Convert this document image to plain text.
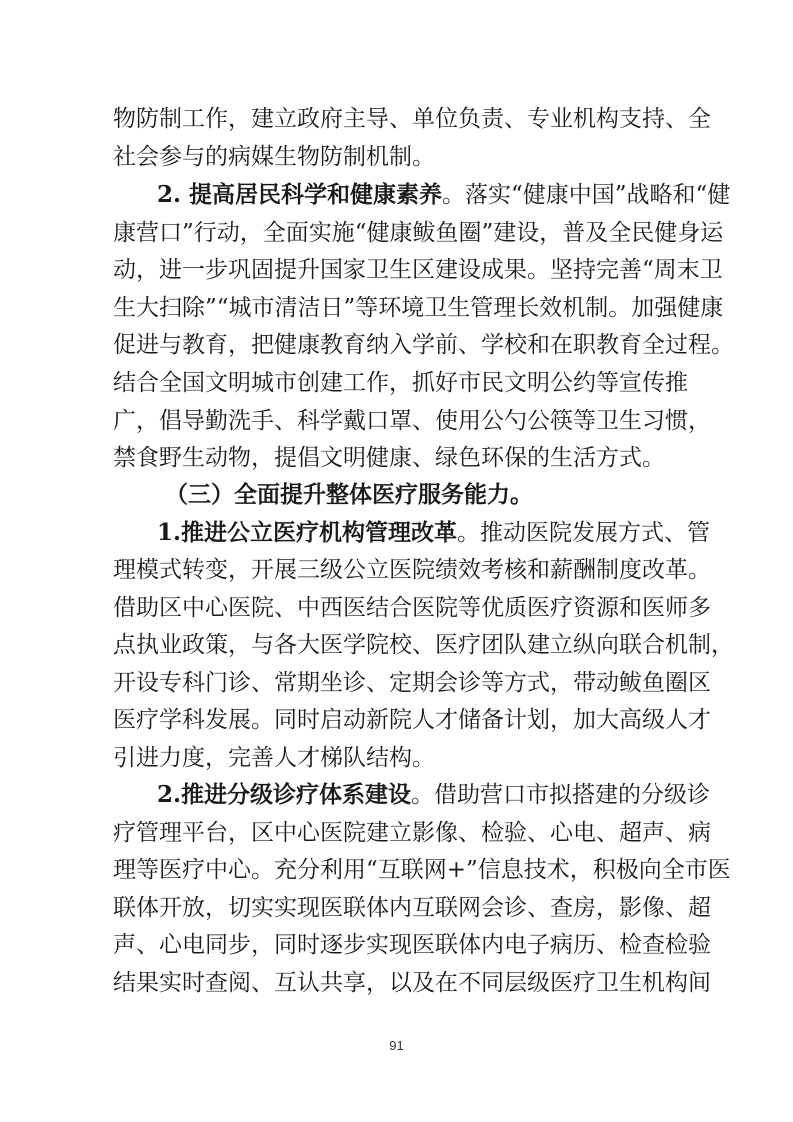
物防制工作，建立政府主导、单位负责、专业机构支持、全
社会参与的病媒生物防制机制。
2. 提高居民科学和健康素养。落实“健康中国”战略和“健
康营口”行动，全面实施“健康鲅鱼圈”建设，普及全民健身运
动，进一步巩固提升国家卫生区建设成果。坚持完善“周末卫
生大扫除”“城市清洁日”等环境卫生管理长效机制。加强健康
促进与教育，把健康教育纳入学前、学校和在职教育全过程。
结合全国文明城市创建工作，抓好市民文明公约等宣传推
广，倡导勤洗手、科学戴口罩、使用公勺公筷等卫生习惯，
禁食野生动物，提倡文明健康、绿色环保的生活方式。
（三）全面提升整体医疗服务能力。
1.推进公立医疗机构管理改革。推动医院发展方式、管
理模式转变，开展三级公立医院绩效考核和薪酬制度改革。
借助区中心医院、中西医结合医院等优质医疗资源和医师多
点执业政策，与各大医学院校、医疗团队建立纵向联合机制，
开设专科门诊、常期坐诊、定期会诊等方式，带动鲅鱼圈区
医疗学科发展。同时启动新院人才储备计划，加大高级人才
引进力度，完善人才梯队结构。
2.推进分级诊疗体系建设。借助营口市拟搭建的分级诊
疗管理平台，区中心医院建立影像、检验、心电、超声、病
理等医疗中心。充分利用“互联网+”信息技术，积极向全市医
联体开放，切实实现医联体内互联网会诊、查房，影像、超
声、心电同步，同时逐步实现医联体内电子病历、检查检验
结果实时查阅、互认共享，以及在不同层级医疗卫生机构间
91
